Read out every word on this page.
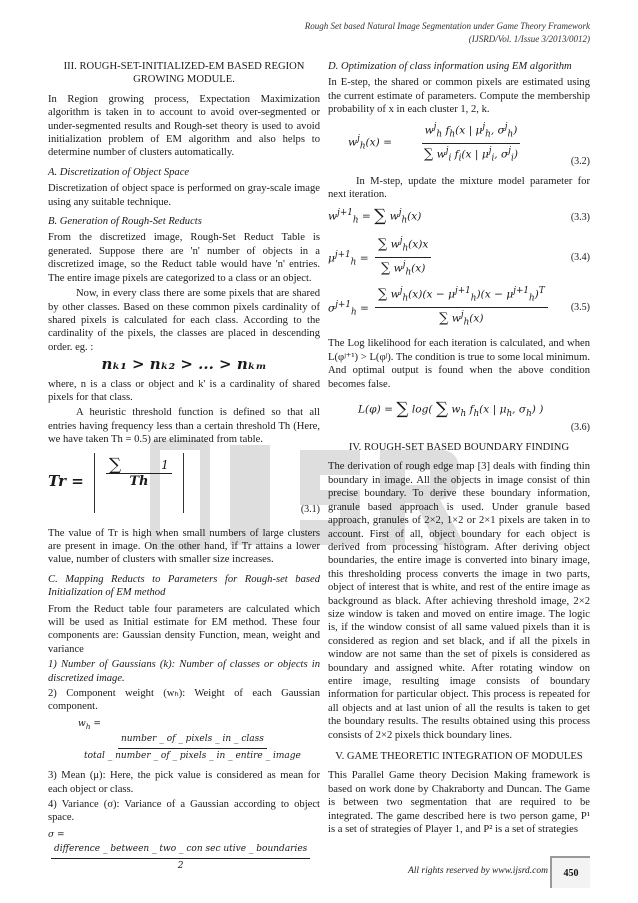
Rough Set based Natural Image Segmentation under Game Theory Framework
(IJSRD/Vol. 1/Issue 3/2013/0012)
III. ROUGH-SET-INITIALIZED-EM BASED REGION GROWING MODULE.

In Region growing process, Expectation Maximization algorithm is taken in to account to avoid over-segmented or under-segmented results and Rough-set theory is used to avoid initialization problem of EM algorithm and also helps to determine number of clusters automatically.

A. Discretization of Object Space

Discretization of object space is performed on gray-scale image using any suitable technique.

B. Generation of Rough-Set Reducts

From the discretized image, Rough-Set Reduct Table is generated. Suppose there are 'n' number of objects in a discretized image, so the Reduct table would have 'n' entries. The entire image pixels are categorized to a class or an object.

Now, in every class there are some pixels that are shared by other classes. Based on these common pixels cardinality of shared pixels is calculated for each class. According to the cardinality of the pixels, the classes are placed in descending order. eg. :

nₖ₁ > nₖ₂ > ... > nₖₘ

where, n is a class or object and k' is a cardinality of shared pixels for that class.

A heuristic threshold function is defined so that all entries having frequency less than a certain threshold Th (Here, we have taken Th = 0.5) are eliminated from table.

Tr = ∑	1
Th
(3.1)

The value of Tr is high when small numbers of large clusters are present in image. On the other hand, if Tr attains a lower value, number of clusters with smaller size increases.

C. Mapping Reducts to Parameters for Rough-set based Initialization of EM method

From the Reduct table four parameters are calculated which will be used as Initial estimate for EM method. These four components are: Gaussian density Function, mean, weight and variance

1) Number of Gaussians (k): Number of classes or objects in discretized image.

2) Component weight (wₕ): Weight of each Gaussian component.

$w_h$ =
$\frac{\text{number \_ of \_ pixels \_ in \_ class}}{\text{total \_ number \_ of \_ pixels \_ in \_ entire \_ image}}$

3) Mean (μ): Here, the pick value is considered as mean for each object or class.

4) Variance (σ): Variance of a Gaussian according to object space.

σ =
$\frac{\text{difference \_ between \_ two \_ con sec utive \_ boundaries}}{2}$
D. Optimization of class information using EM algorithm

In E-step, the shared or common pixels are estimated using the current estimate of parameters. Compute the membership probability of x in each cluster 1, 2, k.

$w^j_h(x)$ =
$w^j_h$ $f_h(x$ | $\mu^j_h$, $\sigma^j_h$)
∑ $w^j_i$ $f_i(x$ | $\mu^j_i$, $\sigma^j_i$)
(3.2)

In M-step, update the mixture model parameter for next iteration.

$w^{j+1}_h$ = ∑ $w^j_h(x)$	(3.3)
$\mu^{j+1}_h$ =
∑ $w^j_h(x)x$
∑ $w^j_h(x)$
(3.4)
$\sigma^{j+1}_h$ =
∑ $w^j_h(x)(x - \mu^{j+1}_h)(x - \mu^{j+1}_h)^T$
∑ $w^j_h(x)$
(3.5)

The Log likelihood for each iteration is calculated, and when L(φʲ⁺¹) > L(φʲ). The condition is true to some local minimum. And optimal output is found when the above condition becomes false.

L(φ) = ∑ log( ∑ $w_h$ $f_h(x$ | $\mu_h$, $\sigma_h$) )
(3.6)
IV. ROUGH-SET BASED BOUNDARY FINDING

The derivation of rough edge map [3] deals with finding thin boundary in image. All the objects in image consist of thin precise boundary. To derive these boundary information, granule based approach is used. Under granule based approach, granules of 2×2, 1×2 or 2×1 pixels are taken in to account. First of all, object boundary for each object is derived from processing histogram. After deriving object boundaries, the entire image is converted into binary image, this thresholding process converts the image in two parts, object of interest that is white, and rest of the entire image as background as black. After achieving threshold image, 2×2 size window is taken and moved on entire image. The logic is, if the window consist of all same valued pixels than it is considered as region and set black, and if all the pixels in window are not same than the set of pixels is considered as boundary and assigned white. After rotating window on entire image, resulting image consists of boundary information for particular object. This process is repeated for all objects and at last union of all the results is taken to get the boundary results. The results obtained using this process consists of 2×2 pixels thick boundary lines.

V. GAME THEORETIC INTEGRATION OF MODULES

This Parallel Game theory Decision Making framework is based on work done by Chakraborty and Duncan. The Game is between two segmentation that are required to be integrated. The game described here is two person game, P¹ is a set of strategies of Player 1, and P² is a set of strategies

All rights reserved by www.ijsrd.com	450
